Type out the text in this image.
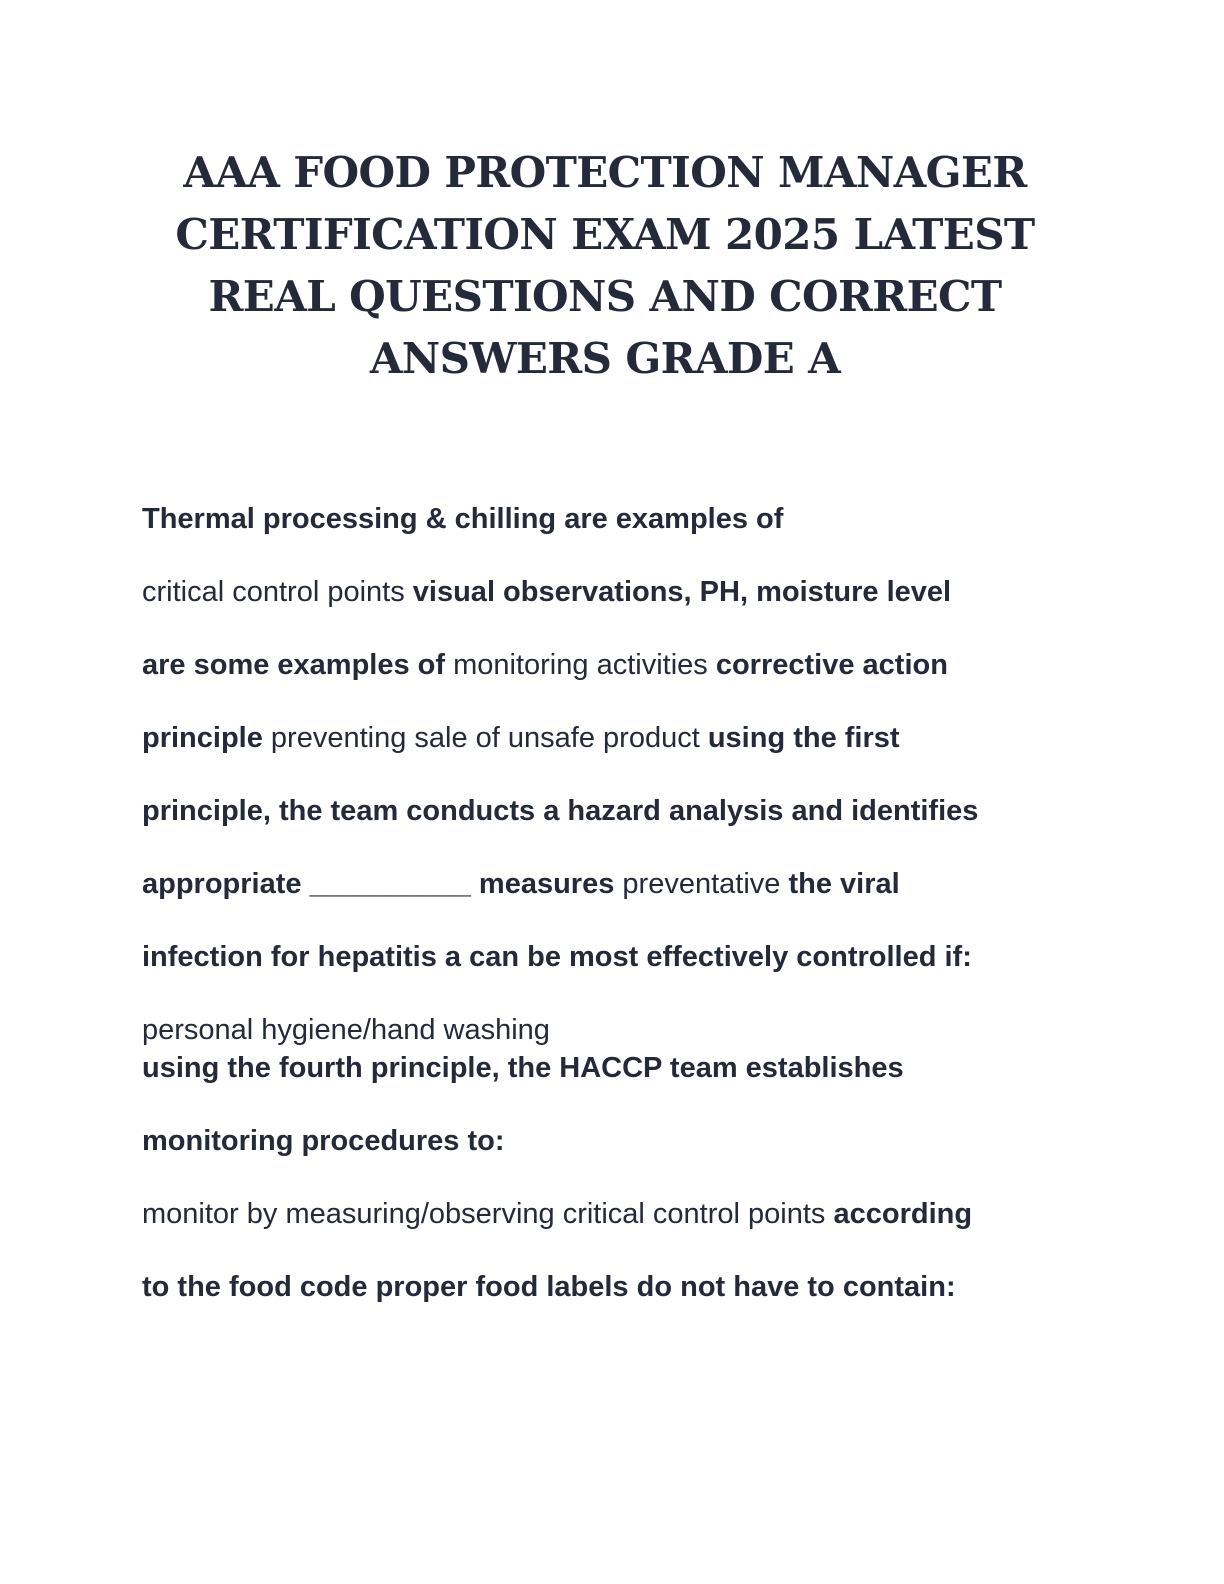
AAA FOOD PROTECTION MANAGER
CERTIFICATION EXAM 2025 LATEST
REAL QUESTIONS AND CORRECT
ANSWERS GRADE A
Thermal processing & chilling are examples of
critical control points visual observations, PH, moisture level
are some examples of monitoring activities corrective action
principle preventing sale of unsafe product using the first
principle, the team conducts a hazard analysis and identifies
appropriate __________ measures preventative the viral
infection for hepatitis a can be most effectively controlled if:
personal hygiene/hand washing
using the fourth principle, the HACCP team establishes
monitoring procedures to:
monitor by measuring/observing critical control points according
to the food code proper food labels do not have to contain:
